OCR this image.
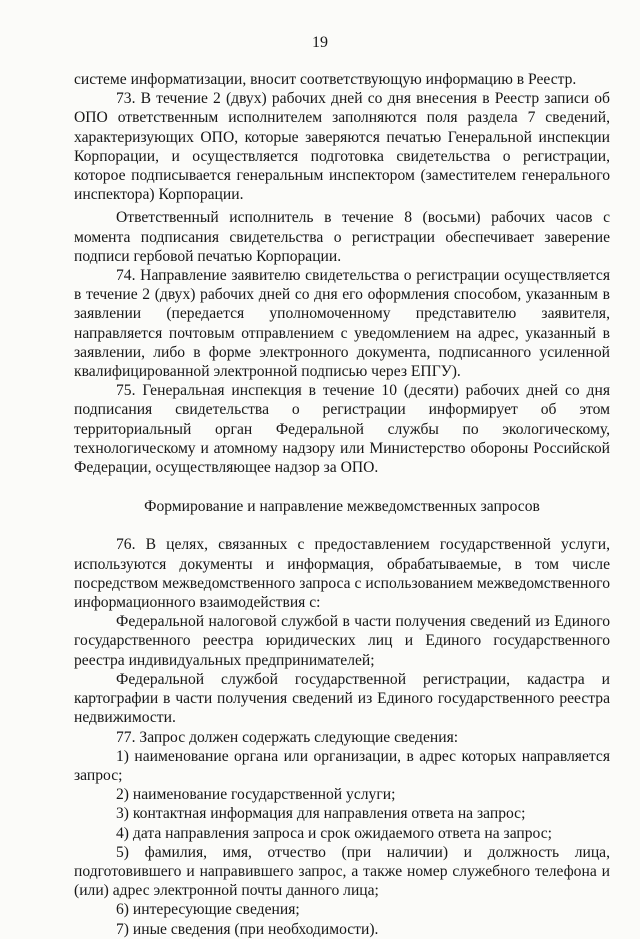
19

системе информатизации, вносит соответствующую информацию в Реестр.

73. В течение 2 (двух) рабочих дней со дня внесения в Реестр записи об ОПО ответственным исполнителем заполняются поля раздела 7 сведений, характеризующих ОПО, которые заверяются печатью Генеральной инспекции Корпорации, и осуществляется подготовка свидетельства о регистрации, которое подписывается генеральным инспектором (заместителем генерального инспектора) Корпорации.

Ответственный исполнитель в течение 8 (восьми) рабочих часов с момента подписания свидетельства о регистрации обеспечивает заверение подписи гербовой печатью Корпорации.

74. Направление заявителю свидетельства о регистрации осуществляется в течение 2 (двух) рабочих дней со дня его оформления способом, указанным в заявлении (передается уполномоченному представителю заявителя, направляется почтовым отправлением с уведомлением на адрес, указанный в заявлении, либо в форме электронного документа, подписанного усиленной квалифицированной электронной подписью через ЕПГУ).

75. Генеральная инспекция в течение 10 (десяти) рабочих дней со дня подписания свидетельства о регистрации информирует об этом территориальный орган Федеральной службы по экологическому, технологическому и атомному надзору или Министерство обороны Российской Федерации, осуществляющее надзор за ОПО.

Формирование и направление межведомственных запросов

76. В целях, связанных с предоставлением государственной услуги, используются документы и информация, обрабатываемые, в том числе посредством межведомственного запроса с использованием межведомственного информационного взаимодействия с:

Федеральной налоговой службой в части получения сведений из Единого государственного реестра юридических лиц и Единого государственного реестра индивидуальных предпринимателей;

Федеральной службой государственной регистрации, кадастра и картографии в части получения сведений из Единого государственного реестра недвижимости.

77. Запрос должен содержать следующие сведения:

1) наименование органа или организации, в адрес которых направляется запрос;

2) наименование государственной услуги;

3) контактная информация для направления ответа на запрос;

4) дата направления запроса и срок ожидаемого ответа на запрос;

5) фамилия, имя, отчество (при наличии) и должность лица, подготовившего и направившего запрос, а также номер служебного телефона и (или) адрес электронной почты данного лица;

6) интересующие сведения;

7) иные сведения (при необходимости).
